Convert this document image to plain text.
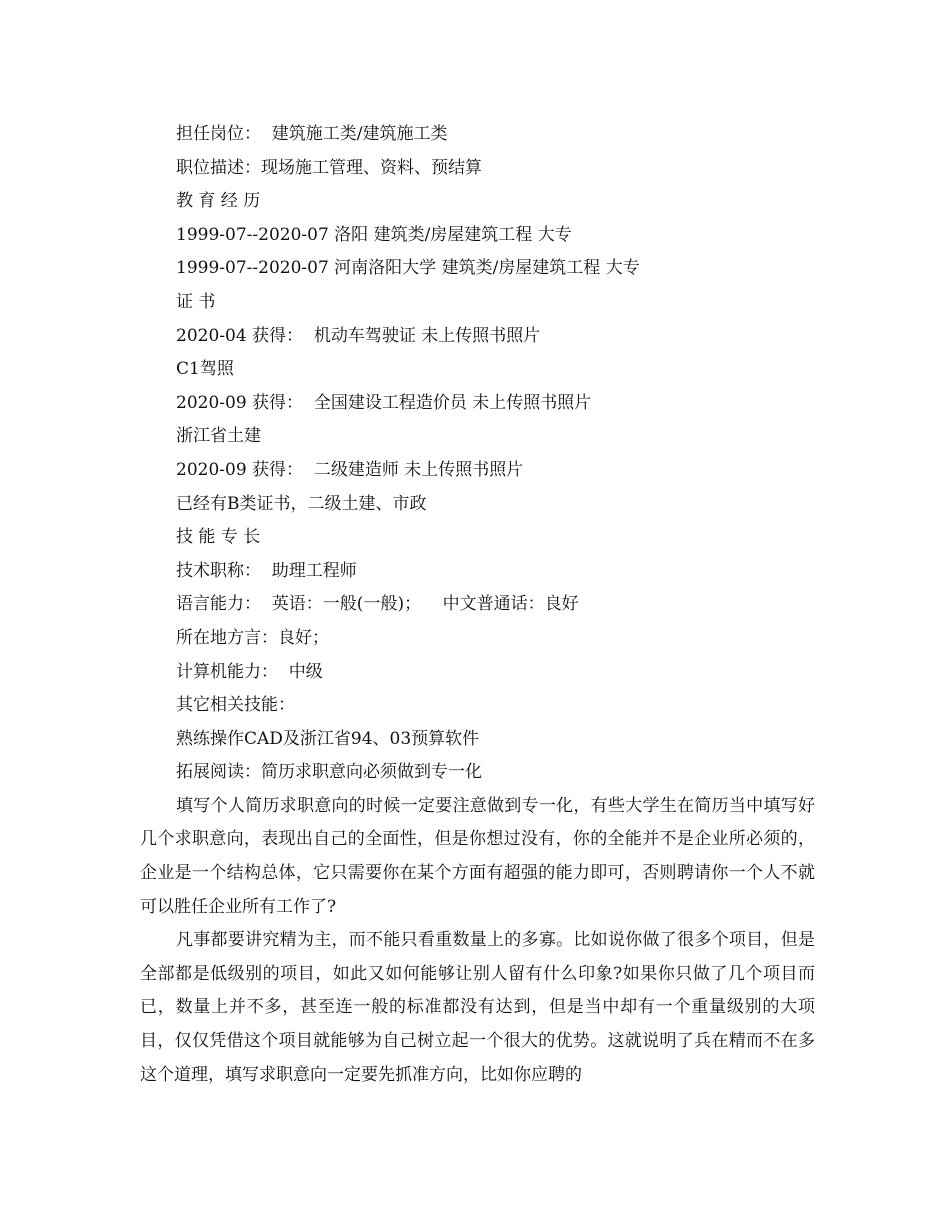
担任岗位：  建筑施工类/建筑施工类
职位描述：现场施工管理、资料、预结算
教 育 经 历
1999-07--2020-07 洛阳 建筑类/房屋建筑工程 大专
1999-07--2020-07 河南洛阳大学 建筑类/房屋建筑工程 大专
证 书
2020-04 获得：  机动车驾驶证 未上传照书照片
C1驾照
2020-09 获得：  全国建设工程造价员 未上传照书照片
浙江省土建
2020-09 获得：  二级建造师 未上传照书照片
已经有B类证书，二级土建、市政
技 能 专 长
技术职称：  助理工程师
语言能力：  英语：一般(一般)；    中文普通话：良好
所在地方言：良好；
计算机能力：  中级
其它相关技能：
熟练操作CAD及浙江省94、03预算软件
拓展阅读：简历求职意向必须做到专一化

填写个人简历求职意向的时候一定要注意做到专一化，有些大学生在简历当中填写好几个求职意向，表现出自己的全面性，但是你想过没有，你的全能并不是企业所必须的，企业是一个结构总体，它只需要你在某个方面有超强的能力即可，否则聘请你一个人不就可以胜任企业所有工作了?

凡事都要讲究精为主，而不能只看重数量上的多寡。比如说你做了很多个项目，但是全部都是低级别的项目，如此又如何能够让别人留有什么印象?如果你只做了几个项目而已，数量上并不多，甚至连一般的标准都没有达到，但是当中却有一个重量级别的大项目，仅仅凭借这个项目就能够为自己树立起一个很大的优势。这就说明了兵在精而不在多这个道理，填写求职意向一定要先抓准方向，比如你应聘的
